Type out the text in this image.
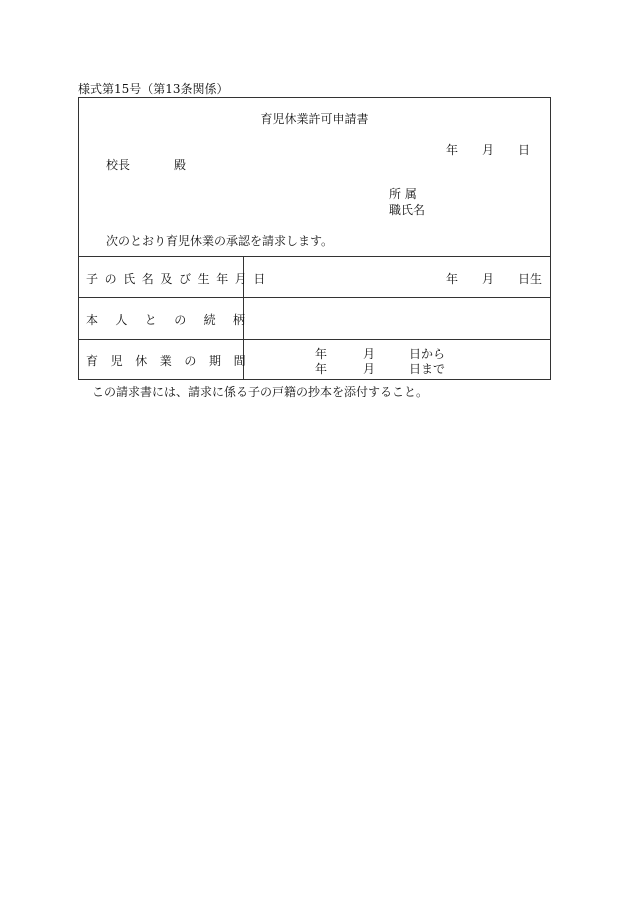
様式第15号（第13条関係）
育児休業許可申請書
年 月 日
校長	殿
所 属
職氏名
次のとおり育児休業の承認を請求します。
子の氏名及び生年月日	年 月 日生
本人との続柄
育児休業の期間	年	月	日から
年	月	日まで
この請求書には、請求に係る子の戸籍の抄本を添付すること。
